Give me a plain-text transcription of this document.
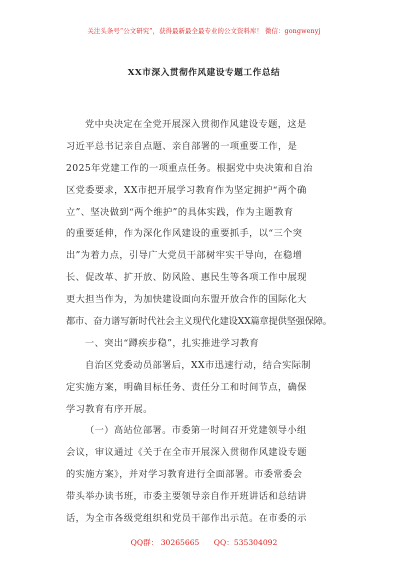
关注头条号“公文研究”，获得最新最全最专业的公文资料库！ 微信：gongwenyj
XX市深入贯彻作风建设专题工作总结
党中央决定在全党开展深入贯彻作风建设专题，这是
习近平总书记亲自点题、亲自部署的一项重要工作，是
2025年党建工作的一项重点任务。根据党中央决策和自治
区党委要求，XX市把开展学习教育作为坚定拥护“两个确
立”、坚决做到“两个维护”的具体实践，作为主题教育
的重要延伸，作为深化作风建设的重要抓手，以“三个突
出”为着力点，引导广大党员干部树牢实干导向，在稳增
长、促改革、扩开放、防风险、惠民生等各项工作中展现
更大担当作为，为加快建设面向东盟开放合作的国际化大
都市、奋力谱写新时代社会主义现代化建设XX篇章提供坚强保障。
一、突出“蹲疾步稳”，扎实推进学习教育
自治区党委动员部署后，XX市迅速行动，结合实际制
定实施方案，明确目标任务、责任分工和时间节点，确保
学习教育有序开展。
（一）高站位部署。市委第一时间召开党建领导小组
会议，审议通过《关于在全市开展深入贯彻作风建设专题
的实施方案》，并对学习教育进行全面部署。市委常委会
带头举办读书班，市委主要领导亲自作开班讲话和总结讲
话，为全市各级党组织和党员干部作出示范。在市委的示
QQ群： 30265665 QQ：535304092
